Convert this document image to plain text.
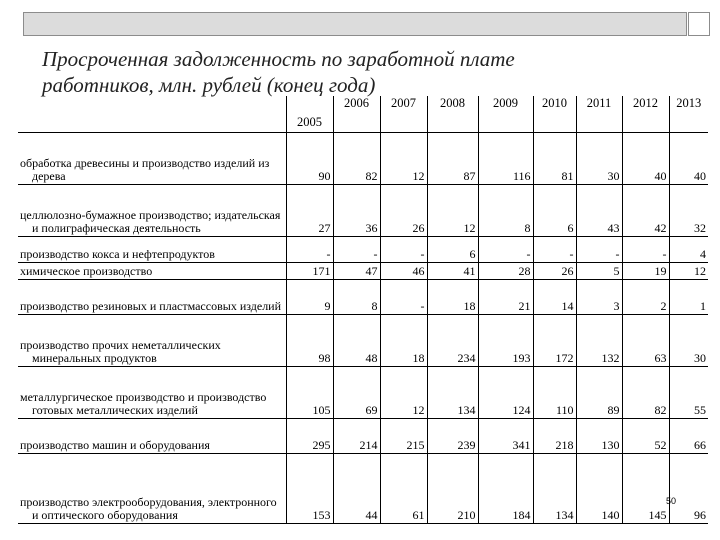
Просроченная задолженность по заработной плате
работников, млн. рублей (конец года)
	2005	2006	2007	2008	2009	2010	2011	2012	2013

обработка древесины и производство изделий из дерева	90	82	12	87	116	81	30	40	40

целлюлозно-бумажное производство; издательская и полиграфическая деятельность	27	36	26	12	8	6	43	42	32

производство кокса и нефтепродуктов	-	-	-	6	-	-	-	-	4

химическое производство	171	47	46	41	28	26	5	19	12

производство резиновых и пластмассовых изделий	9	8	-	18	21	14	3	2	1

производство прочих неметаллических минеральных продуктов	98	48	18	234	193	172	132	63	30

металлургическое производство и производство готовых металлических изделий	105	69	12	134	124	110	89	82	55

производство машин и оборудования	295	214	215	239	341	218	130	52	66

производство электрооборудования, электронного и оптического оборудования	153	44	61	210	184	134	140	145	96
50
